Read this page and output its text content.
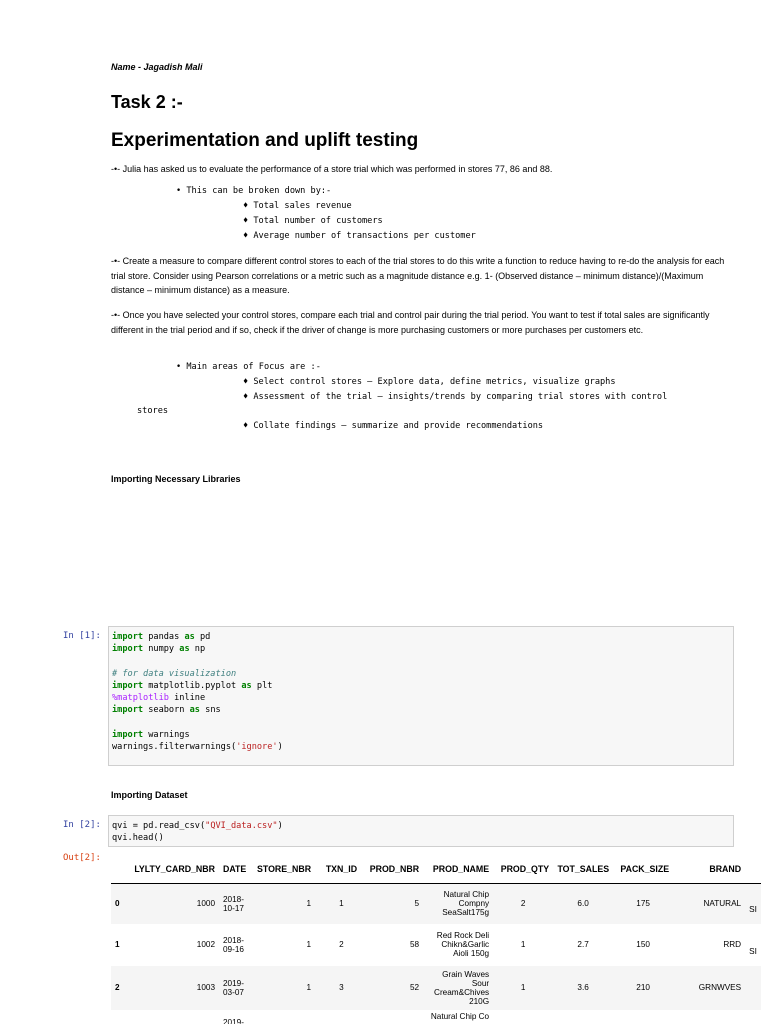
Name - Jagadish Mali
Task 2 :-
Experimentation and uplift testing
-•- Julia has asked us to evaluate the performance of a store trial which was performed in stores 77, 86 and 88.
• This can be broken down by:-
♦ Total sales revenue
♦ Total number of customers
♦ Average number of transactions per customer
-•- Create a measure to compare different control stores to each of the trial stores to do this write a function to reduce having to re-do the analysis for each trial store. Consider using Pearson correlations or a metric such as a magnitude distance e.g. 1- (Observed distance – minimum distance)/(Maximum distance – minimum distance) as a measure.
-•- Once you have selected your control stores, compare each trial and control pair during the trial period. You want to test if total sales are significantly different in the trial period and if so, check if the driver of change is more purchasing customers or more purchases per customers etc.
• Main areas of Focus are :-
♦ Select control stores – Explore data, define metrics, visualize graphs
♦ Assessment of the trial – insights/trends by comparing trial stores with control
stores
♦ Collate findings – summarize and provide recommendations
Importing Necessary Libraries
In [1]:	import pandas as pd
import numpy as np

# for data visualization
import matplotlib.pyplot as plt
%matplotlib inline
import seaborn as sns

import warnings
warnings.filterwarnings('ignore')
Importing Dataset
In [2]:	qvi = pd.read_csv("QVI_data.csv")
qvi.head()
Out[2]:
	LYLTY_CARD_NBR	DATE	STORE_NBR	TXN_ID	PROD_NBR	PROD_NAME	PROD_QTY	TOT_SALES	PACK_SIZE	BRAND	
0	1000	2018-10-17	1	1	5	Natural Chip Compny SeaSalt175g	2	6.0	175	NATURAL	SI
1	1002	2018-09-16	1	2	58	Red Rock Deli Chikn&Garlic Aioli 150g	1	2.7	150	RRD	SI
2	1003	2019-03-07	1	3	52	Grain Waves Sour Cream&Chives 210G	1	3.6	210	GRNWVES	
		2019-				Natural Chip Co					
